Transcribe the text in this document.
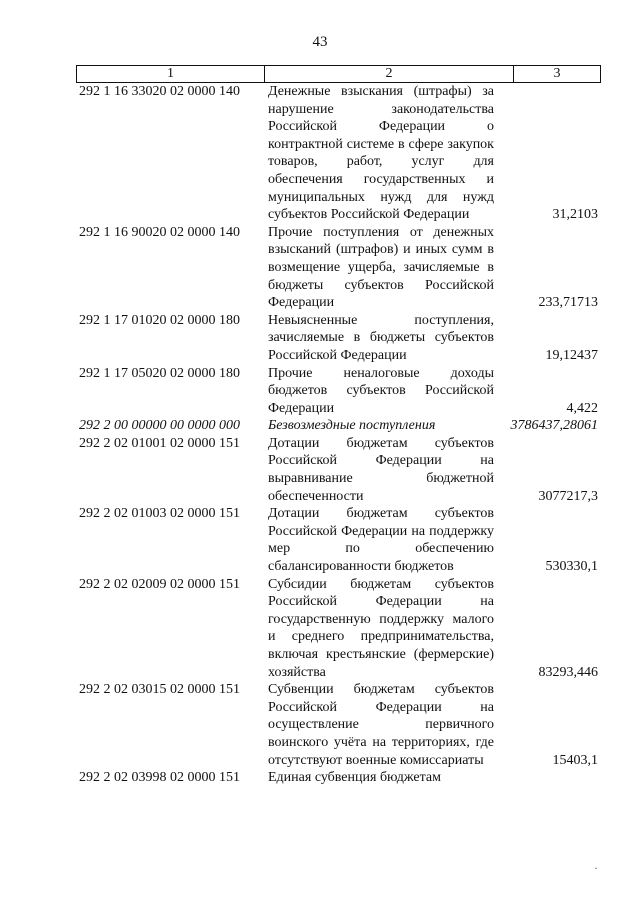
43
1	2	3
292 1 16 33020 02 0000 140	Денежные взыскания (штрафы) за нарушение законодательства Российской Федерации о контрактной системе в сфере закупок товаров, работ, услуг для обеспечения государственных и муниципальных нужд для нужд субъектов Российской Федерации	31,2103
292 1 16 90020 02 0000 140	Прочие поступления от денежных взысканий (штрафов) и иных сумм в возмещение ущерба, зачисляемые в бюджеты субъектов Российской Федерации	233,71713
292 1 17 01020 02 0000 180	Невыясненные поступления, зачисляемые в бюджеты субъектов Российской Федерации	19,12437
292 1 17 05020 02 0000 180	Прочие неналоговые доходы бюджетов субъектов Российской Федерации	4,422
292 2 00 00000 00 0000 000	Безвозмездные поступления	3786437,28061
292 2 02 01001 02 0000 151	Дотации бюджетам субъектов Российской Федерации на выравнивание бюджетной обеспеченности	3077217,3
292 2 02 01003 02 0000 151	Дотации бюджетам субъектов Российской Федерации на поддержку мер по обеспечению сбалансированности бюджетов	530330,1
292 2 02 02009 02 0000 151	Субсидии бюджетам субъектов Российской Федерации на государственную поддержку малого и среднего предпринимательства, включая крестьянские (фермерские) хозяйства	83293,446
292 2 02 03015 02 0000 151	Субвенции бюджетам субъектов Российской Федерации на осуществление первичного воинского учёта на территориях, где отсутствуют военные комиссариаты	15403,1
292 2 02 03998 02 0000 151	Единая субвенция бюджетам
·
